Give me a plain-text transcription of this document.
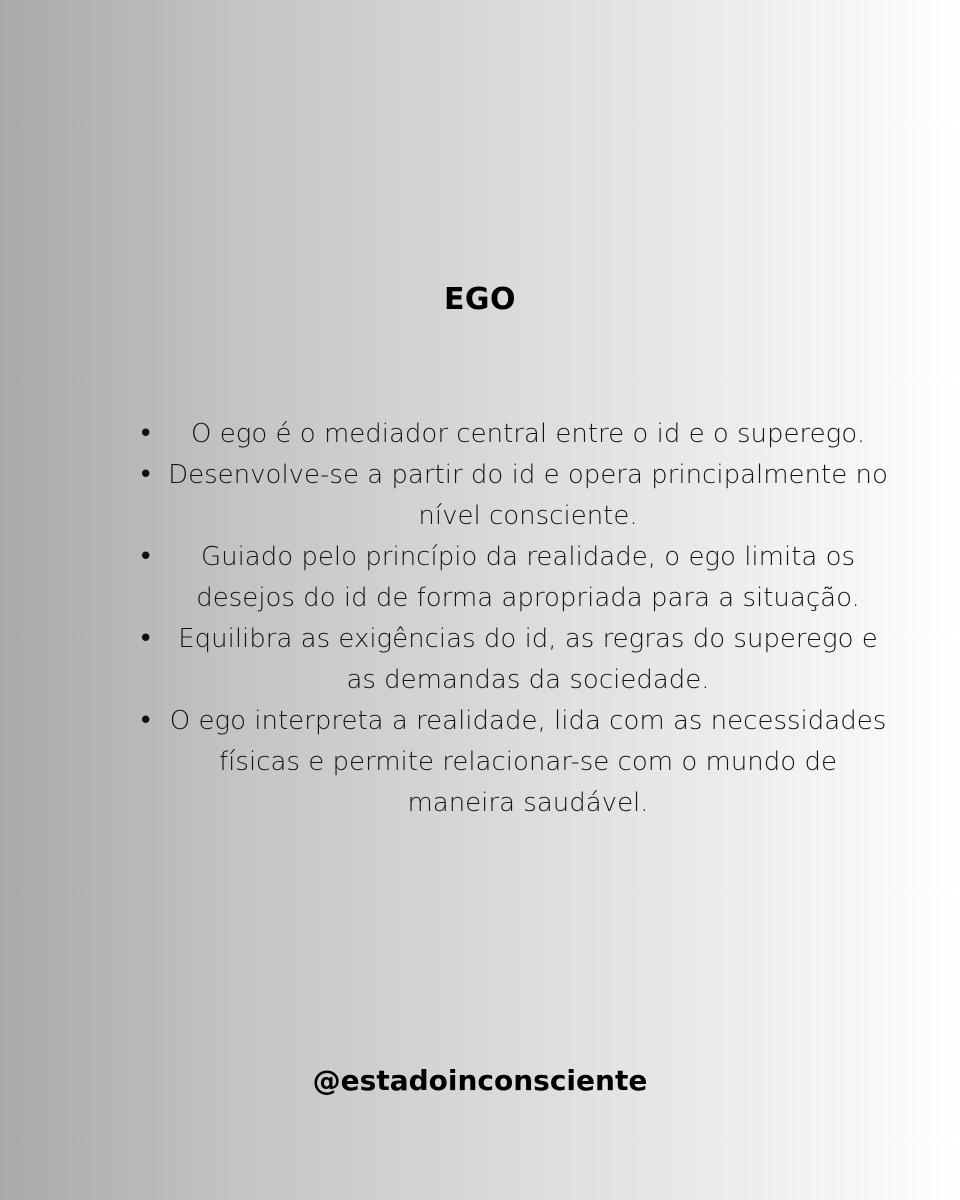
EGO
•	O ego é o mediador central entre o id e o superego.
• Desenvolve-se a partir do id e opera principalmente no nível consciente.
•	Guiado pelo princípio da realidade, o ego limita os desejos do id de forma apropriada para a situação.
• Equilibra as exigências do id, as regras do superego e as demandas da sociedade.
• O ego interpreta a realidade, lida com as necessidades físicas e permite relacionar-se com o mundo de maneira saudável.
@estadoinconsciente
